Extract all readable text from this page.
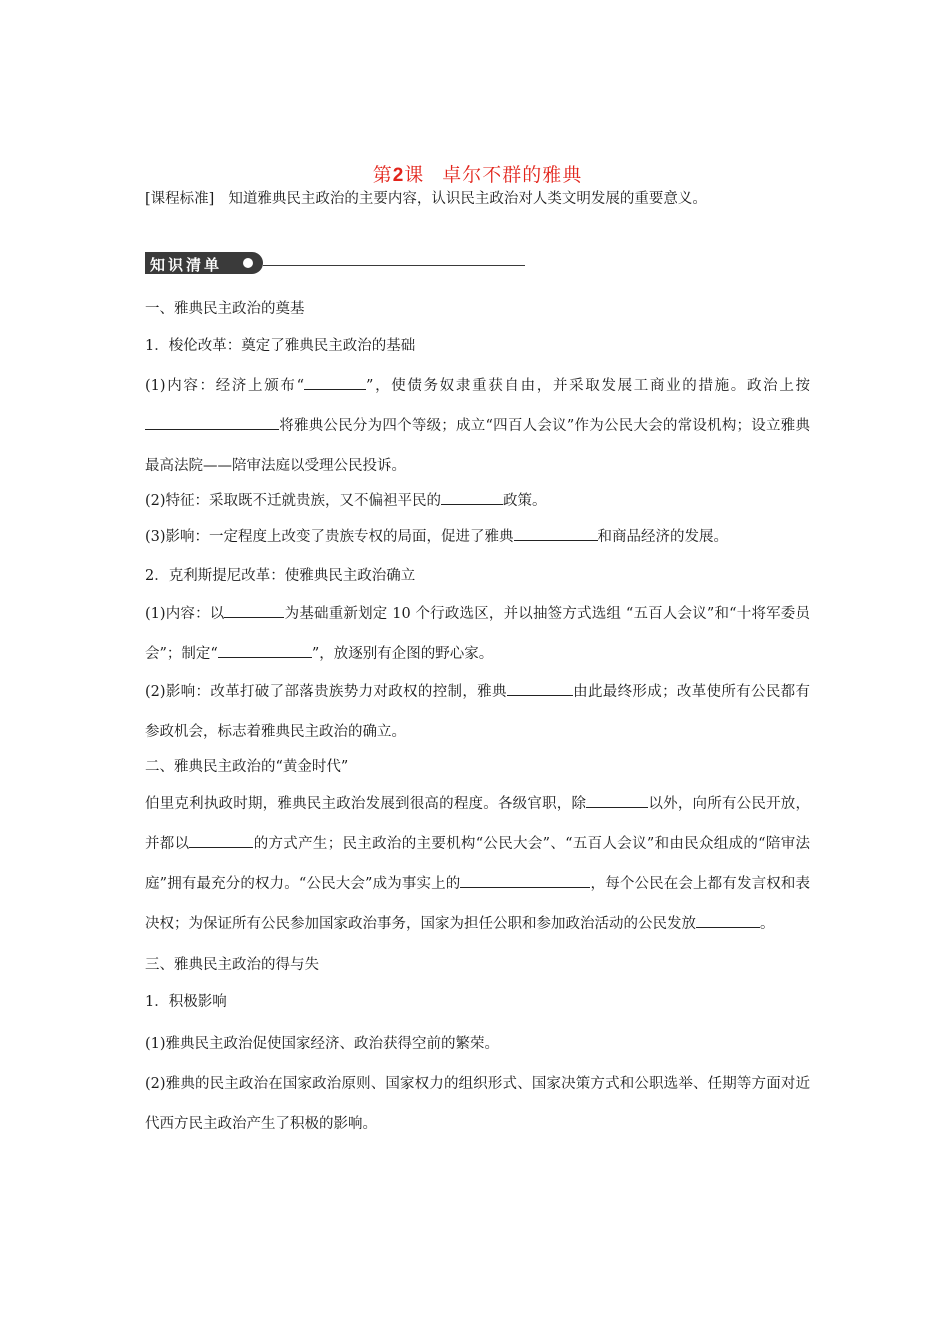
第2课 卓尔不群的雅典
[课程标准] 知道雅典民主政治的主要内容，认识民主政治对人类文明发展的重要意义。
知识清单

一、雅典民主政治的奠基

1．梭伦改革：奠定了雅典民主政治的基础

(1)内容：经济上颁布“	”，使债务奴隶重获自由，并采取发展工商业的措施。政治上按将雅典公民分为四个等级；成立“四百人会议”作为公民大会的常设机构；设立雅典最高法院——陪审法庭以受理公民投诉。

(2)特征：采取既不迁就贵族，又不偏袒平民的	政策。

(3)影响：一定程度上改变了贵族专权的局面，促进了雅典	和商品经济的发展。

2．克利斯提尼改革：使雅典民主政治确立

(1)内容：以	为基础重新划定 10 个行政选区，并以抽签方式选组 “五百人会议”和“十将军委员会”；制定“	”，放逐别有企图的野心家。

(2)影响：改革打破了部落贵族势力对政权的控制，雅典	由此最终形成；改革使所有公民都有参政机会，标志着雅典民主政治的确立。

二、雅典民主政治的“黄金时代”

伯里克利执政时期，雅典民主政治发展到很高的程度。各级官职，除	以外，向所有公民开放，并都以	的方式产生；民主政治的主要机构“公民大会”、“五百人会议”和由民众组成的“陪审法庭”拥有最充分的权力。“公民大会”成为事实上的	，每个公民在会上都有发言权和表决权；为保证所有公民参加国家政治事务，国家为担任公职和参加政治活动的公民发放	。

三、雅典民主政治的得与失

1．积极影响

(1)雅典民主政治促使国家经济、政治获得空前的繁荣。

(2)雅典的民主政治在国家政治原则、国家权力的组织形式、国家决策方式和公职选举、任期等方面对近代西方民主政治产生了积极的影响。
